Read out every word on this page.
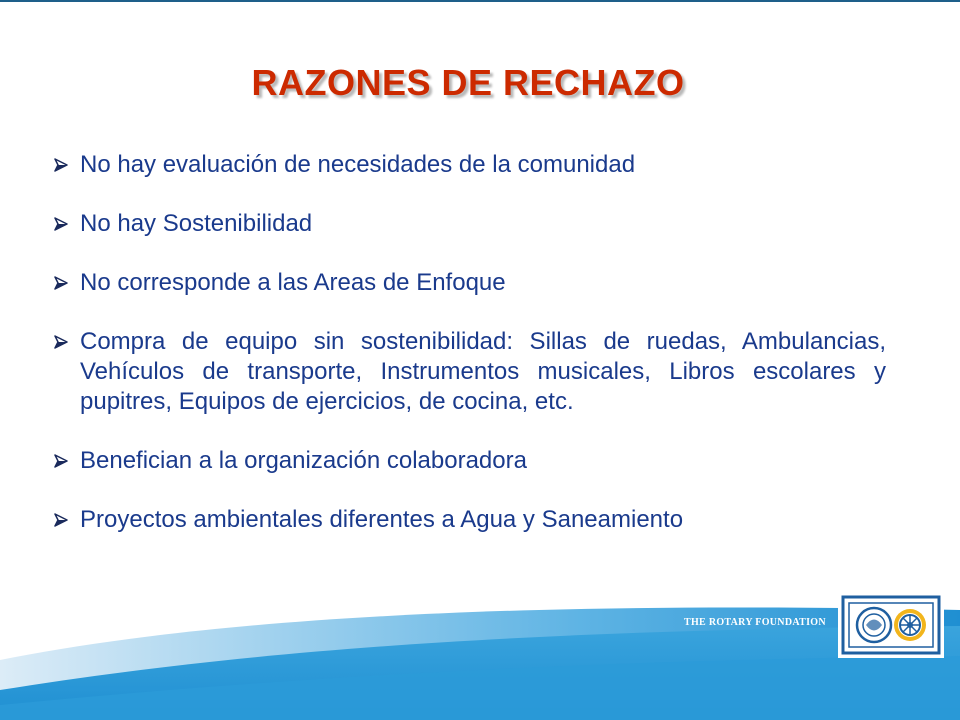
RAZONES DE RECHAZO
No hay evaluación de necesidades de la comunidad
No hay Sostenibilidad
No corresponde a las Areas de Enfoque
Compra de equipo sin sostenibilidad: Sillas de ruedas, Ambulancias, Vehículos de transporte, Instrumentos musicales, Libros escolares y pupitres, Equipos de ejercicios, de cocina, etc.
Benefician a la organización colaboradora
Proyectos ambientales diferentes a Agua y Saneamiento
THE ROTARY FOUNDATION
